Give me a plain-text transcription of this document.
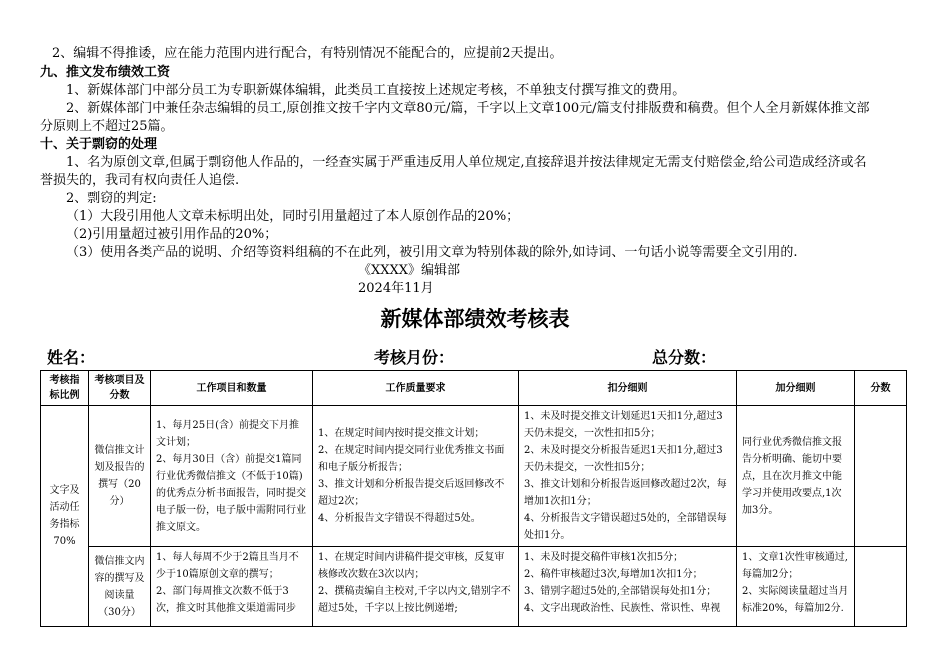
2、编辑不得推诿，应在能力范围内进行配合，有特别情况不能配合的，应提前2天提出。
九、推文发布绩效工资
1、新媒体部门中部分员工为专职新媒体编辑，此类员工直接按上述规定考核，不单独支付撰写推文的费用。
2、新媒体部门中兼任杂志编辑的员工,原创推文按千字内文章80元/篇，千字以上文章100元/篇支付排版费和稿费。但个人全月新媒体推文部
分原则上不超过25篇。
十、关于剽窃的处理
1、名为原创文章,但属于剽窃他人作品的，一经查实属于严重违反用人单位规定,直接辞退并按法律规定无需支付赔偿金,给公司造成经济或名
誉损失的，我司有权向责任人追偿.
2、剽窃的判定:
（1）大段引用他人文章未标明出处，同时引用量超过了本人原创作品的20%；
（2)引用量超过被引用作品的20%；
（3）使用各类产品的说明、介绍等资料组稿的不在此列，被引用文章为特别体裁的除外,如诗词、一句话小说等需要全文引用的.
《XXXX》编辑部
2024年11月
新媒体部绩效考核表
姓名：	考核月份：	总分数：
考核指标比例	考核项目及分数	工作项目和数量	工作质量要求	扣分细则	加分细则	分数
文字及活动任务指标70%	微信推文计划及报告的撰写（20分）	1、每月25日(含）前提交下月推文计划；
2、每月30日（含）前提交1篇同行业优秀微信推文（不低于10篇)的优秀点分析书面报告，同时提交电子版一份，电子版中需附同行业推文原文。	1、在规定时间内按时提交推文计划；
2、在规定时间内提交同行业优秀推文书面和电子版分析报告；
3、推文计划和分析报告提交后返回修改不超过2次；
4、分析报告文字错误不得超过5处。	1、未及时提交推文计划延迟1天扣1分,超过3天仍未提交，一次性扣扣5分；
2、未及时提交分析报告延迟1天扣1分,超过3天仍未提交，一次性扣5分；
3、推文计划和分析报告返回修改超过2次，每增加1次扣1分；
4、分析报告文字错误超过5处的，全部错误每处扣1分。	同行业优秀微信推文报告分析明确、能切中要点，且在次月推文中能学习并使用改要点,1次加3分。	

	微信推文内容的撰写及阅读量（30分）	1、每人每周不少于2篇且当月不少于10篇原创文章的撰写；
2、部门每周推文次数不低于3次，推文时其他推文渠道需同步	1、在规定时间内讲稿件提交审核，反复审核修改次数在3次以内；
2、撰稿责编自主校对,千字以内文,错别字不超过5处，千字以上按比例递增;	1、未及时提交稿件审核1次扣5分；
2、稿件审核超过3次,每增加1次扣1分；
3、错别字超过5处的,全部错误每处扣1分；
4、文字出现政治性、民族性、常识性、卑视	1、文章1次性审核通过,每篇加2分；
2、实际阅读量超过当月标准20%，每篇加2分.	
